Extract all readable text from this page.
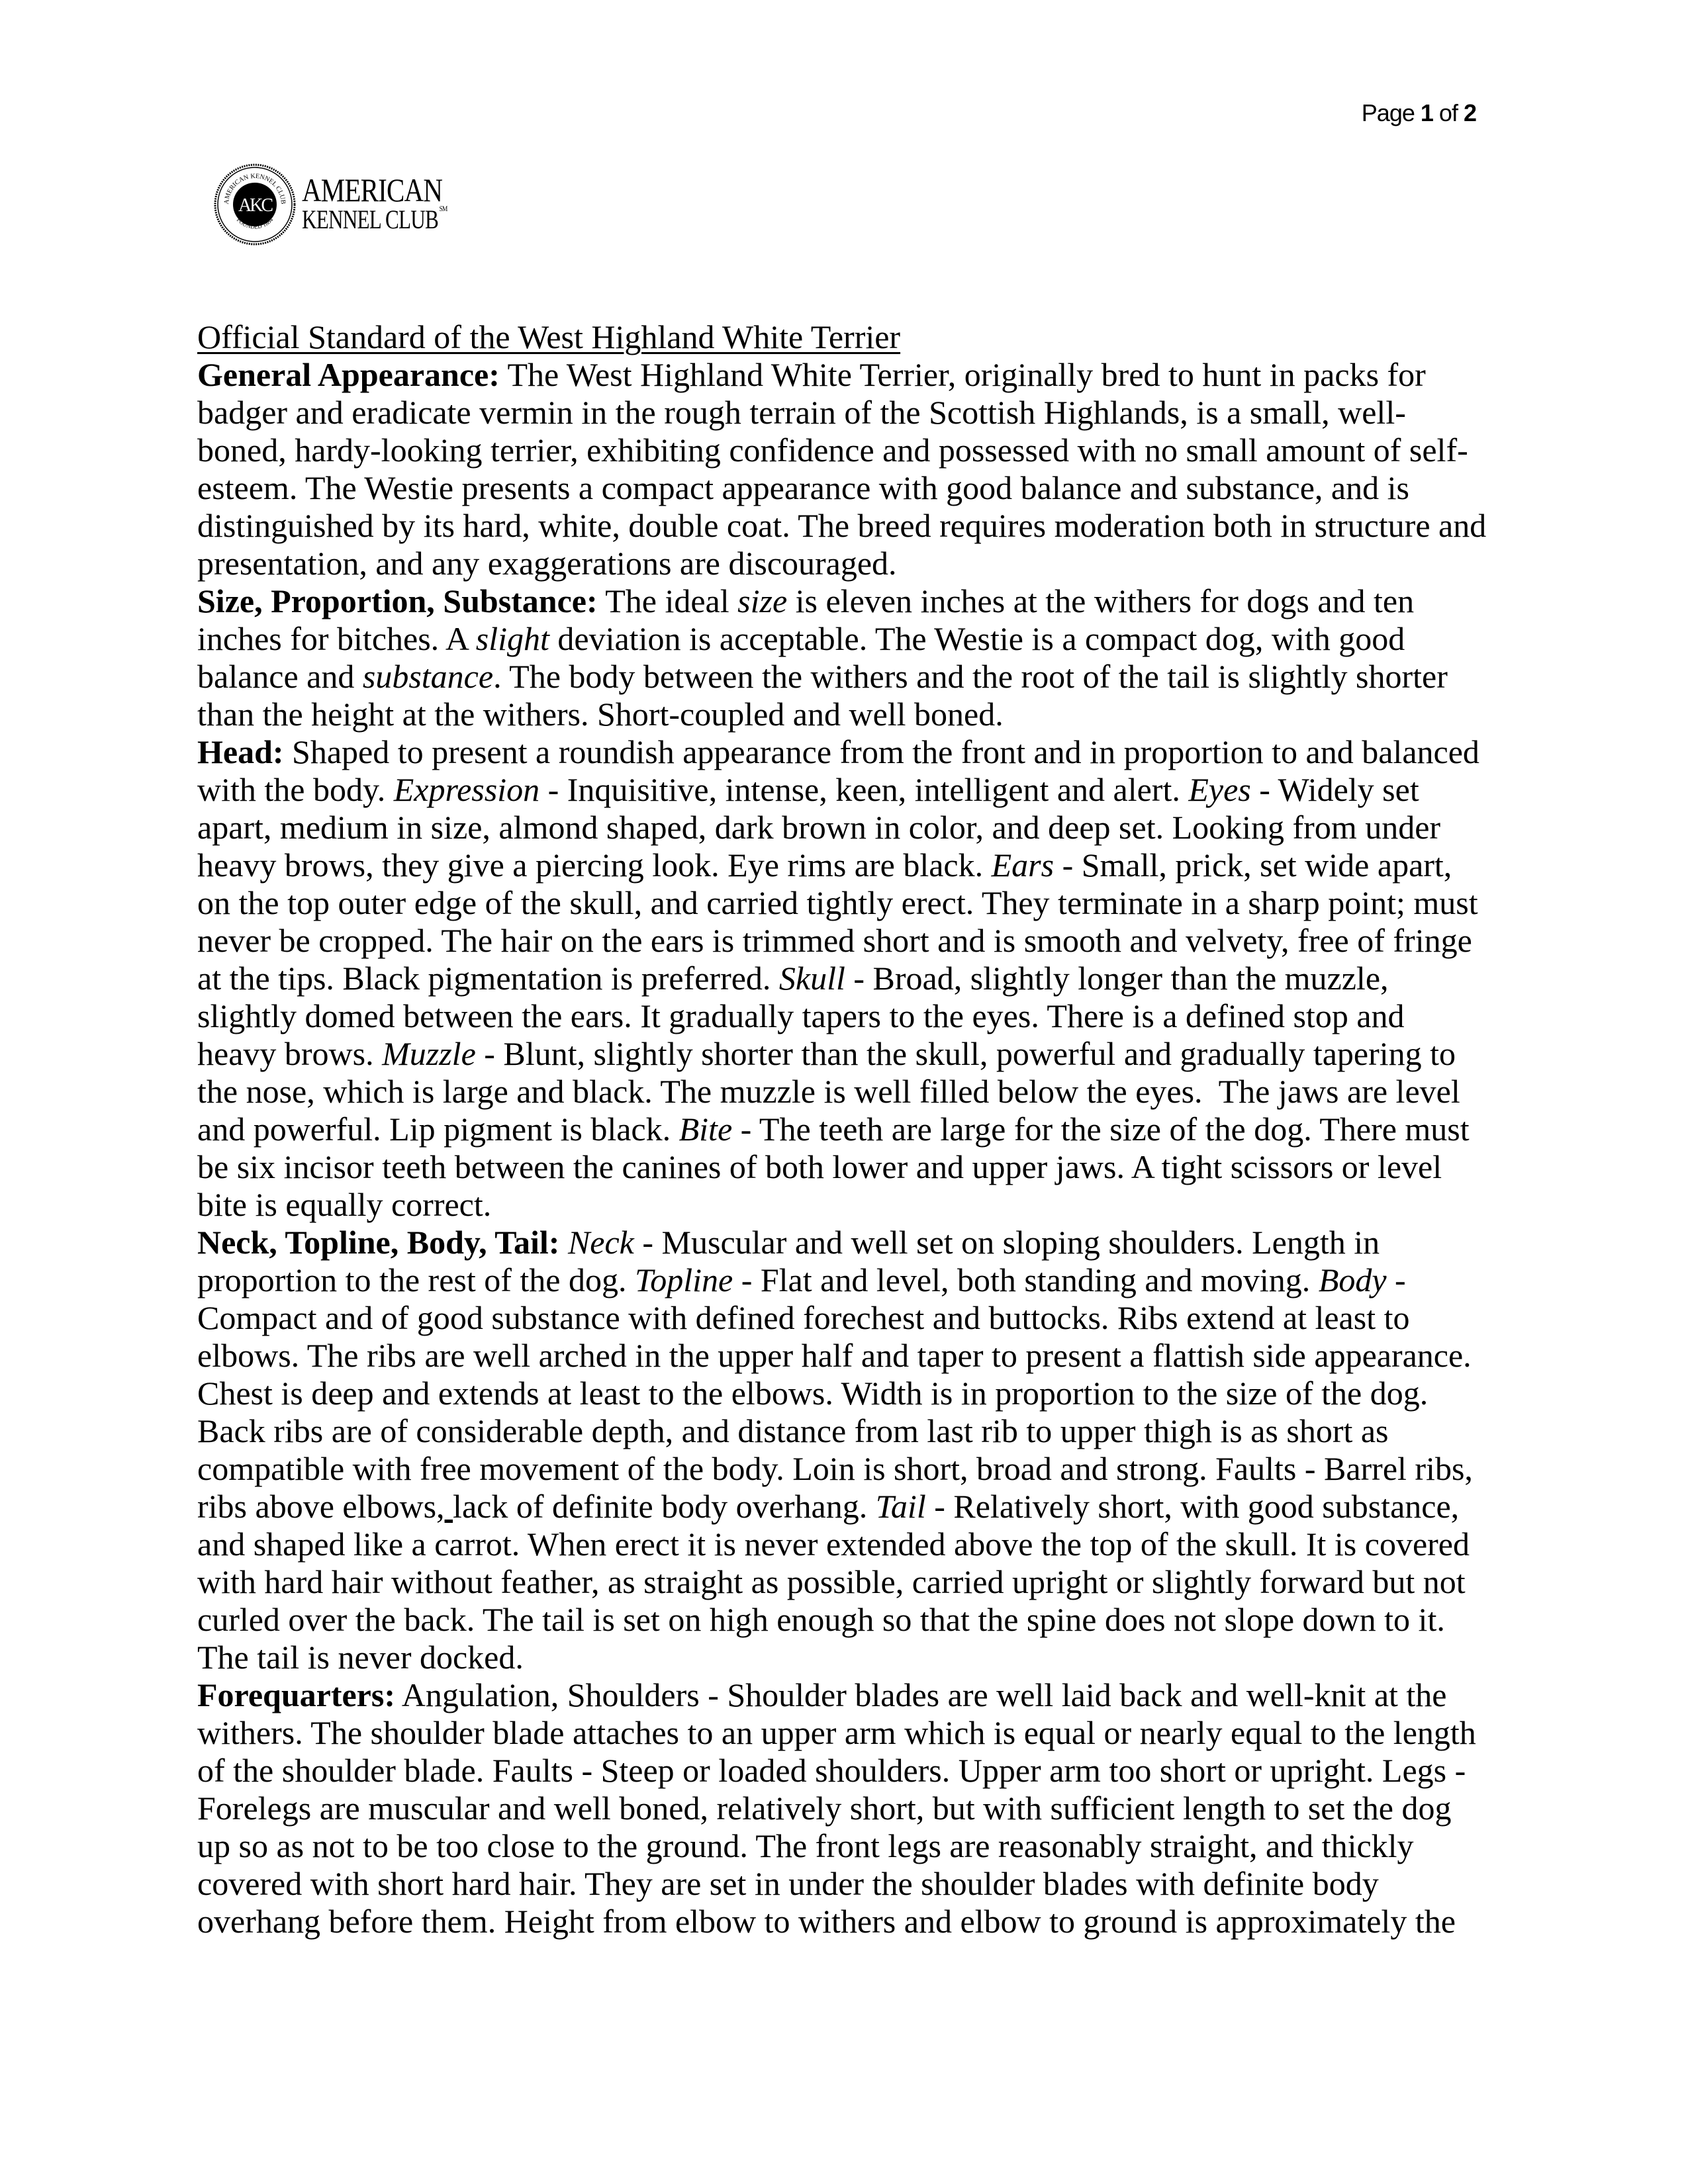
Page 1 of 2
AMERICAN KENNEL CLUB
FOUNDED 1884
AKC AMERICAN
KENNEL CLUB ℠
Official Standard of the West Highland White Terrier
General Appearance: The West Highland White Terrier, originally bred to hunt in packs for
badger and eradicate vermin in the rough terrain of the Scottish Highlands, is a small, well-
boned, hardy-looking terrier, exhibiting confidence and possessed with no small amount of self-
esteem. The Westie presents a compact appearance with good balance and substance, and is
distinguished by its hard, white, double coat. The breed requires moderation both in structure and
presentation, and any exaggerations are discouraged.
Size, Proportion, Substance: The ideal size is eleven inches at the withers for dogs and ten
inches for bitches. A slight deviation is acceptable. The Westie is a compact dog, with good
balance and substance. The body between the withers and the root of the tail is slightly shorter
than the height at the withers. Short-coupled and well boned.
Head: Shaped to present a roundish appearance from the front and in proportion to and balanced
with the body. Expression - Inquisitive, intense, keen, intelligent and alert. Eyes - Widely set
apart, medium in size, almond shaped, dark brown in color, and deep set. Looking from under
heavy brows, they give a piercing look. Eye rims are black. Ears - Small, prick, set wide apart,
on the top outer edge of the skull, and carried tightly erect. They terminate in a sharp point; must
never be cropped. The hair on the ears is trimmed short and is smooth and velvety, free of fringe
at the tips. Black pigmentation is preferred. Skull - Broad, slightly longer than the muzzle,
slightly domed between the ears. It gradually tapers to the eyes. There is a defined stop and
heavy brows. Muzzle - Blunt, slightly shorter than the skull, powerful and gradually tapering to
the nose, which is large and black. The muzzle is well filled below the eyes.  The jaws are level
and powerful. Lip pigment is black. Bite - The teeth are large for the size of the dog. There must
be six incisor teeth between the canines of both lower and upper jaws. A tight scissors or level
bite is equally correct.
Neck, Topline, Body, Tail: Neck - Muscular and well set on sloping shoulders. Length in
proportion to the rest of the dog. Topline - Flat and level, both standing and moving. Body -
Compact and of good substance with defined forechest and buttocks. Ribs extend at least to
elbows. The ribs are well arched in the upper half and taper to present a flattish side appearance.
Chest is deep and extends at least to the elbows. Width is in proportion to the size of the dog.
Back ribs are of considerable depth, and distance from last rib to upper thigh is as short as
compatible with free movement of the body. Loin is short, broad and strong. Faults - Barrel ribs,
ribs above elbows, lack of definite body overhang. Tail - Relatively short, with good substance,
and shaped like a carrot. When erect it is never extended above the top of the skull. It is covered
with hard hair without feather, as straight as possible, carried upright or slightly forward but not
curled over the back. The tail is set on high enough so that the spine does not slope down to it.
The tail is never docked.
Forequarters: Angulation, Shoulders - Shoulder blades are well laid back and well-knit at the
withers. The shoulder blade attaches to an upper arm which is equal or nearly equal to the length
of the shoulder blade. Faults - Steep or loaded shoulders. Upper arm too short or upright. Legs -
Forelegs are muscular and well boned, relatively short, but with sufficient length to set the dog
up so as not to be too close to the ground. The front legs are reasonably straight, and thickly
covered with short hard hair. They are set in under the shoulder blades with definite body
overhang before them. Height from elbow to withers and elbow to ground is approximately the
